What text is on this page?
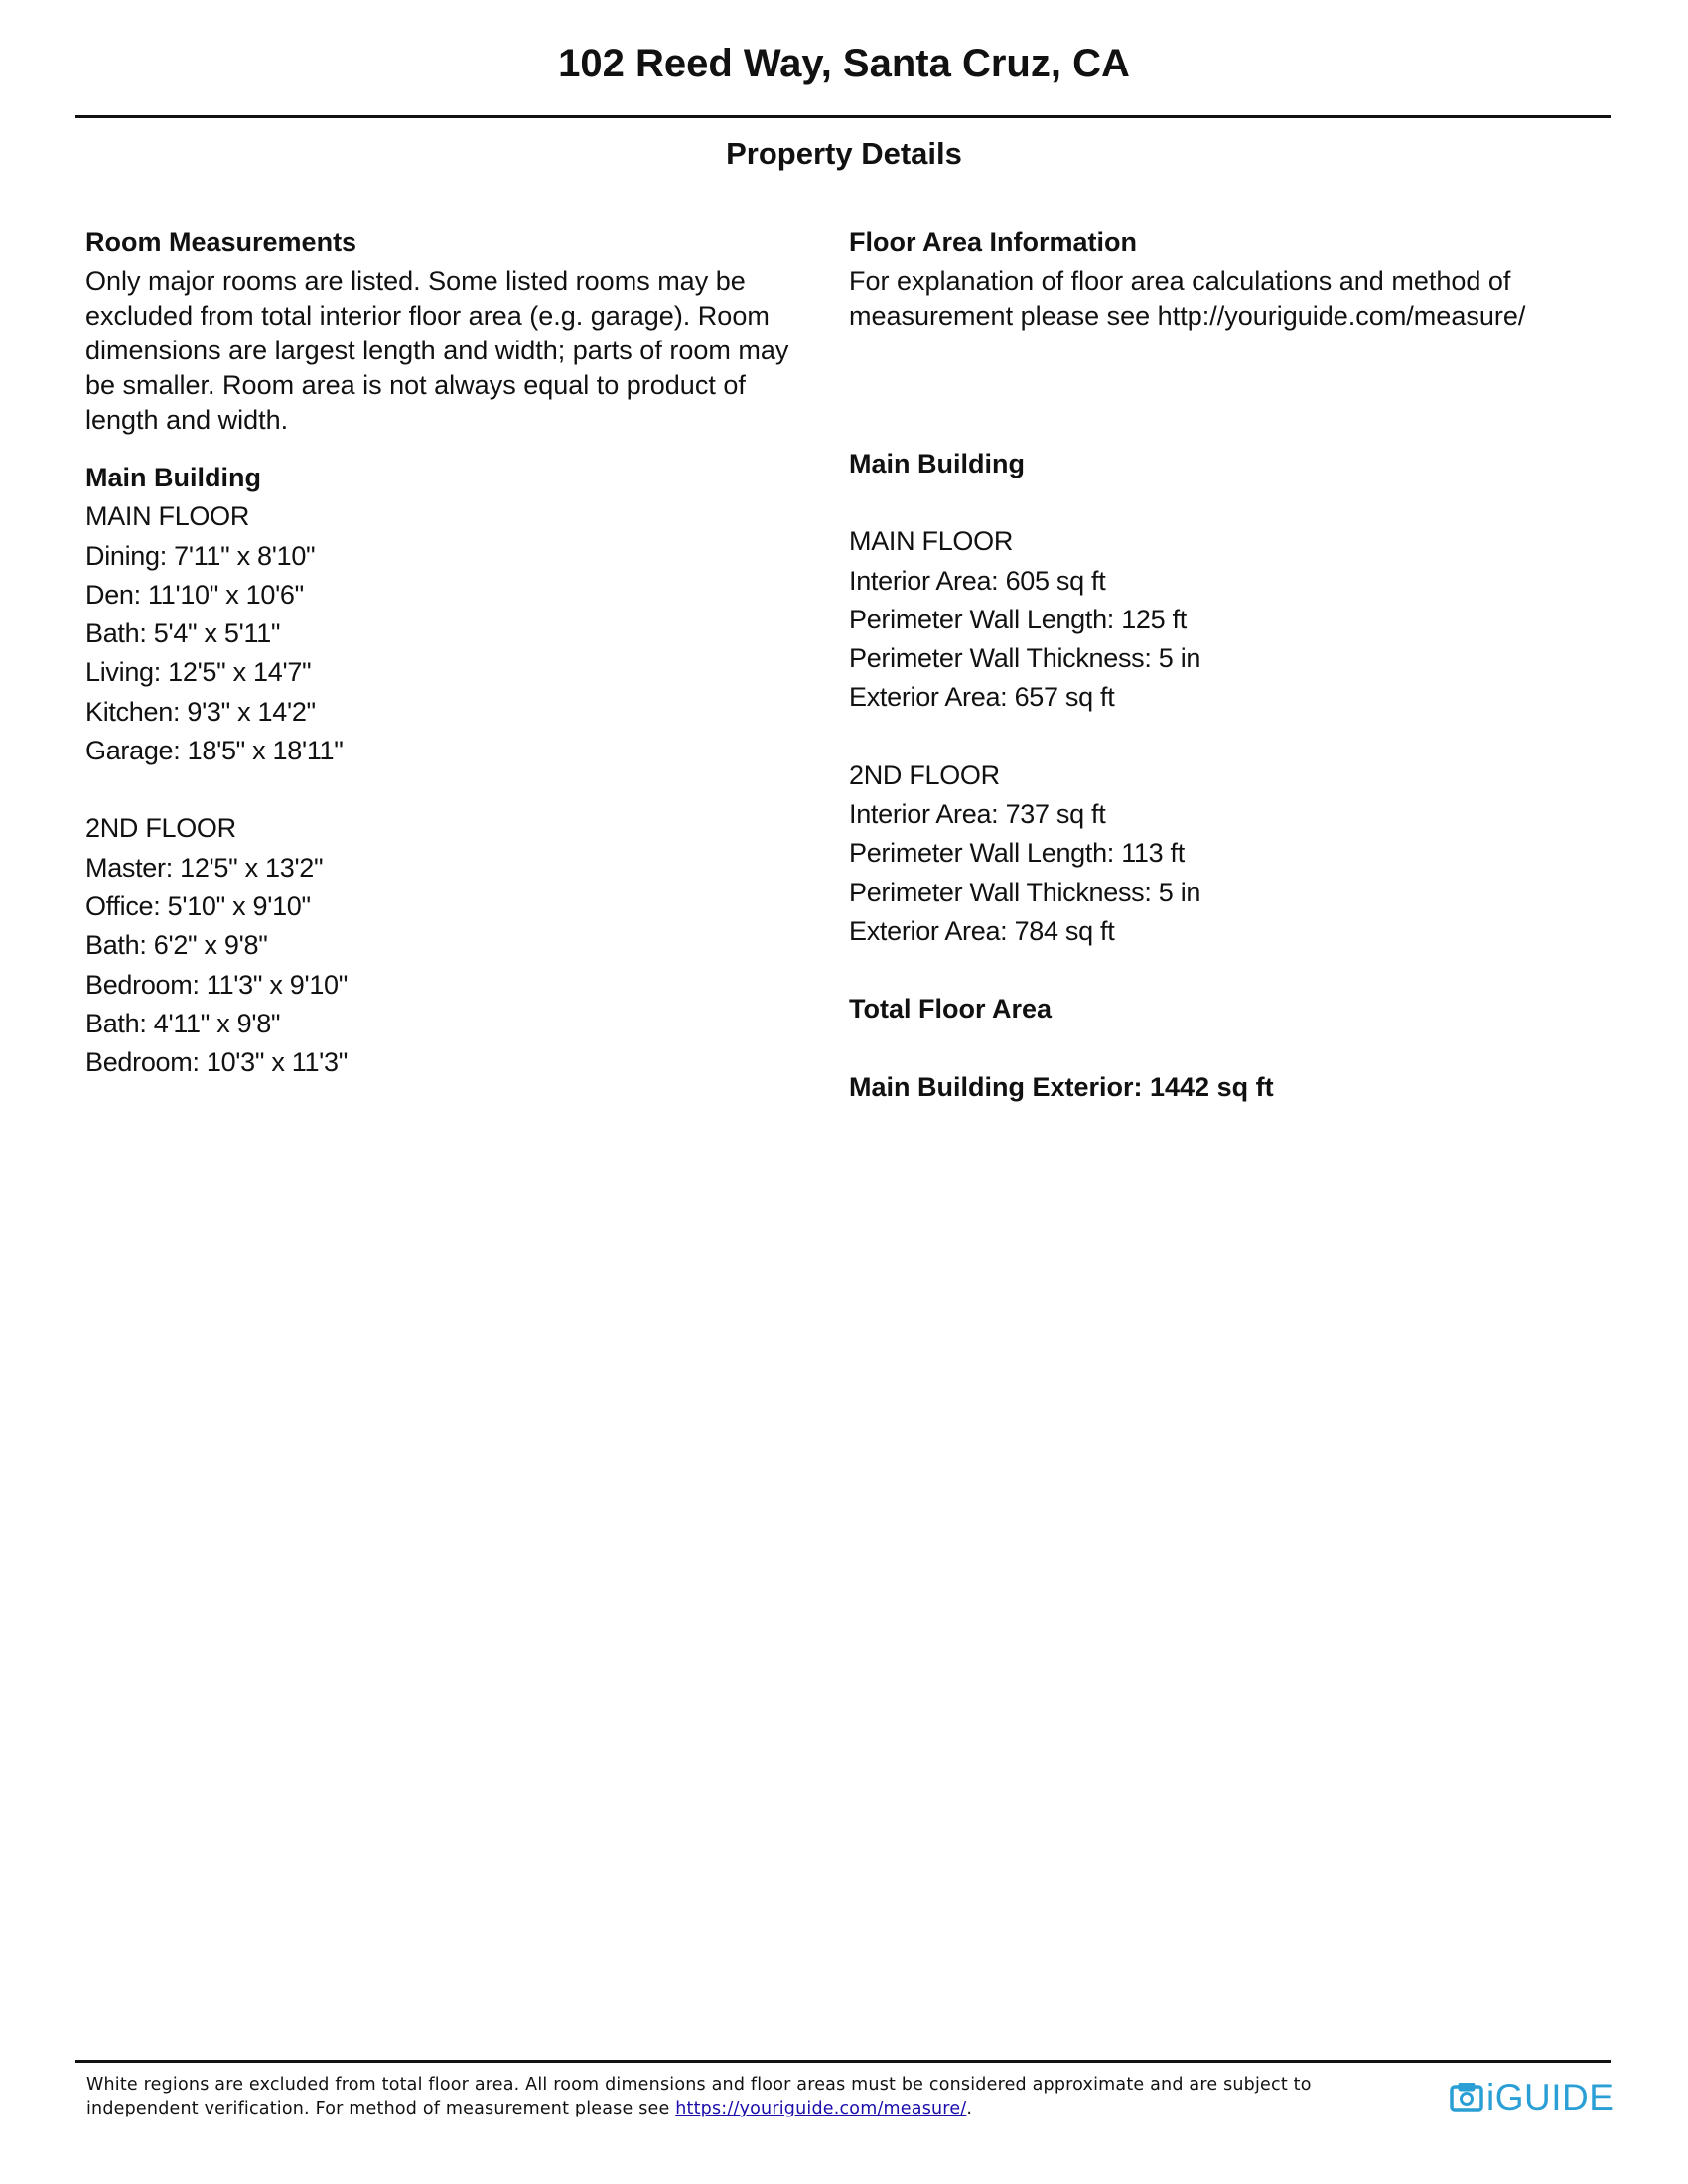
102 Reed Way, Santa Cruz, CA
Property Details
Room Measurements
Only major rooms are listed. Some listed rooms may be excluded from total interior floor area (e.g. garage). Room dimensions are largest length and width; parts of room may be smaller. Room area is not always equal to product of length and width.
Main Building
MAIN FLOOR
Dining: 7'11" x 8'10"
Den: 11'10" x 10'6"
Bath: 5'4" x 5'11"
Living: 12'5" x 14'7"
Kitchen: 9'3" x 14'2"
Garage: 18'5" x 18'11"
2ND FLOOR
Master: 12'5" x 13'2"
Office: 5'10" x 9'10"
Bath: 6'2" x 9'8"
Bedroom: 11'3" x 9'10"
Bath: 4'11" x 9'8"
Bedroom: 10'3" x 11'3"
Floor Area Information
For explanation of floor area calculations and method of measurement please see http://youriguide.com/measure/
Main Building
MAIN FLOOR
Interior Area: 605 sq ft
Perimeter Wall Length: 125 ft
Perimeter Wall Thickness: 5 in
Exterior Area: 657 sq ft
2ND FLOOR
Interior Area: 737 sq ft
Perimeter Wall Length: 113 ft
Perimeter Wall Thickness: 5 in
Exterior Area: 784 sq ft
Total Floor Area
Main Building Exterior: 1442 sq ft
White regions are excluded from total floor area. All room dimensions and floor areas must be considered approximate and are subject to independent verification. For method of measurement please see https://youriguide.com/measure/.	iGUIDE
